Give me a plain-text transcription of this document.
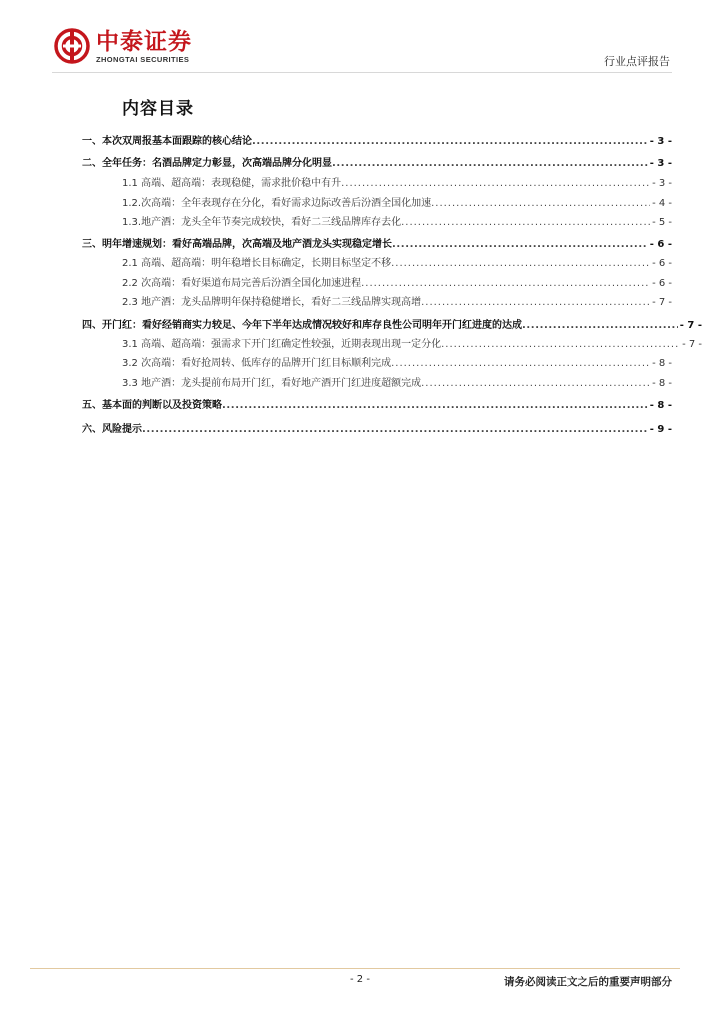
中泰证券
ZHONGTAI SECURITIES	行业点评报告
内容目录
一、本次双周报基本面跟踪的核心结论 .....	- 3 -
二、全年任务：名酒品牌定力彰显，次高端品牌分化明显 .....	- 3 -
1.1 高端、超高端：表现稳健，需求批价稳中有升 .....	- 3 -
1.2.次高端：全年表现存在分化，看好需求边际改善后汾酒全国化加速 .....	- 4 -
1.3.地产酒：龙头全年节奏完成较快，看好二三线品牌库存去化 .....	- 5 -
三、明年增速规划：看好高端品牌，次高端及地产酒龙头实现稳定增长 .....	- 6 -
2.1 高端、超高端：明年稳增长目标确定，长期目标坚定不移 .....	- 6 -
2.2 次高端：看好渠道布局完善后汾酒全国化加速进程 .....	- 6 -
2.3 地产酒：龙头品牌明年保持稳健增长，看好二三线品牌实现高增 .....	- 7 -
四、开门红：看好经销商实力较足、今年下半年达成情况较好和库存良性公司明年开门红进度的达成 .....	- 7 -
3.1 高端、超高端：强需求下开门红确定性较强，近期表现出现一定分化 .....	- 7 -
3.2 次高端：看好抢周转、低库存的品牌开门红目标顺利完成 .....	- 8 -
3.3 地产酒：龙头提前布局开门红，看好地产酒开门红进度超额完成 .....	- 8 -
五、基本面的判断以及投资策略 .....	- 8 -
六、风险提示 .....	- 9 -
- 2 -	请务必阅读正文之后的重要声明部分
